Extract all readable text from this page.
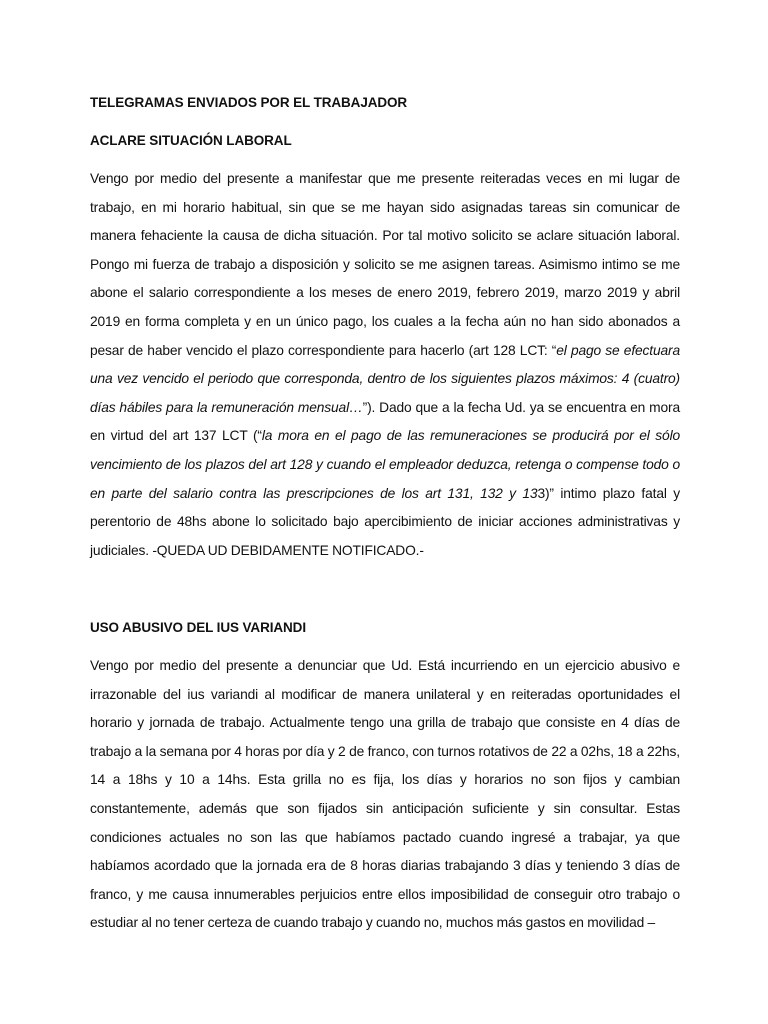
TELEGRAMAS ENVIADOS POR EL TRABAJADOR
ACLARE SITUACIÓN LABORAL

Vengo por medio del presente a manifestar que me presente reiteradas veces en mi lugar de trabajo, en mi horario habitual, sin que se me hayan sido asignadas tareas sin comunicar de manera fehaciente la causa de dicha situación. Por tal motivo solicito se aclare situación laboral. Pongo mi fuerza de trabajo a disposición y solicito se me asignen tareas. Asimismo intimo se me abone el salario correspondiente a los meses de enero 2019, febrero 2019, marzo 2019 y abril 2019 en forma completa y en un único pago, los cuales a la fecha aún no han sido abonados a pesar de haber vencido el plazo correspondiente para hacerlo (art 128 LCT: “el pago se efectuara una vez vencido el periodo que corresponda, dentro de los siguientes plazos máximos: 4 (cuatro) días hábiles para la remuneración mensual…”). Dado que a la fecha Ud. ya se encuentra en mora en virtud del art 137 LCT (“la mora en el pago de las remuneraciones se producirá por el sólo vencimiento de los plazos del art 128 y cuando el empleador deduzca, retenga o compense todo o en parte del salario contra las prescripciones de los art 131, 132 y 133)” intimo plazo fatal y perentorio de 48hs abone lo solicitado bajo apercibimiento de iniciar acciones administrativas y judiciales. -QUEDA UD DEBIDAMENTE NOTIFICADO.-

USO ABUSIVO DEL IUS VARIANDI

Vengo por medio del presente a denunciar que Ud. Está incurriendo en un ejercicio abusivo e irrazonable del ius variandi al modificar de manera unilateral y en reiteradas oportunidades el horario y jornada de trabajo. Actualmente tengo una grilla de trabajo que consiste en 4 días de trabajo a la semana por 4 horas por día y 2 de franco, con turnos rotativos de 22 a 02hs, 18 a 22hs, 14 a 18hs y 10 a 14hs. Esta grilla no es fija, los días y horarios no son fijos y cambian constantemente, además que son fijados sin anticipación suficiente y sin consultar. Estas condiciones actuales no son las que habíamos pactado cuando ingresé a trabajar, ya que habíamos acordado que la jornada era de 8 horas diarias trabajando 3 días y teniendo 3 días de franco, y me causa innumerables perjuicios entre ellos imposibilidad de conseguir otro trabajo o estudiar al no tener certeza de cuando trabajo y cuando no, muchos más gastos en movilidad –
